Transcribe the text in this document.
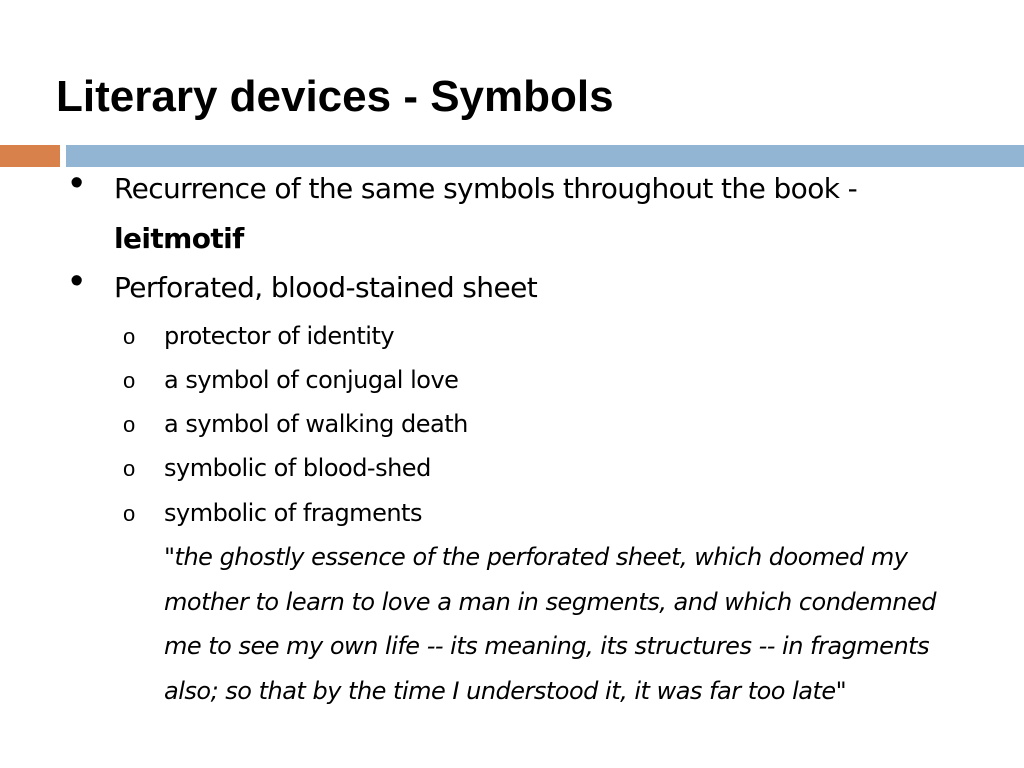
Literary devices - Symbols
• Recurrence of the same symbols throughout the book - leitmotif
• Perforated, blood-stained sheet
o protector of identity
o a symbol of conjugal love
o a symbol of walking death
o symbolic of blood-shed
o symbolic of fragments
"the ghostly essence of the perforated sheet, which doomed my mother to learn to love a man in segments, and which condemned me to see my own life -- its meaning, its structures -- in fragments also; so that by the time I understood it, it was far too late"
